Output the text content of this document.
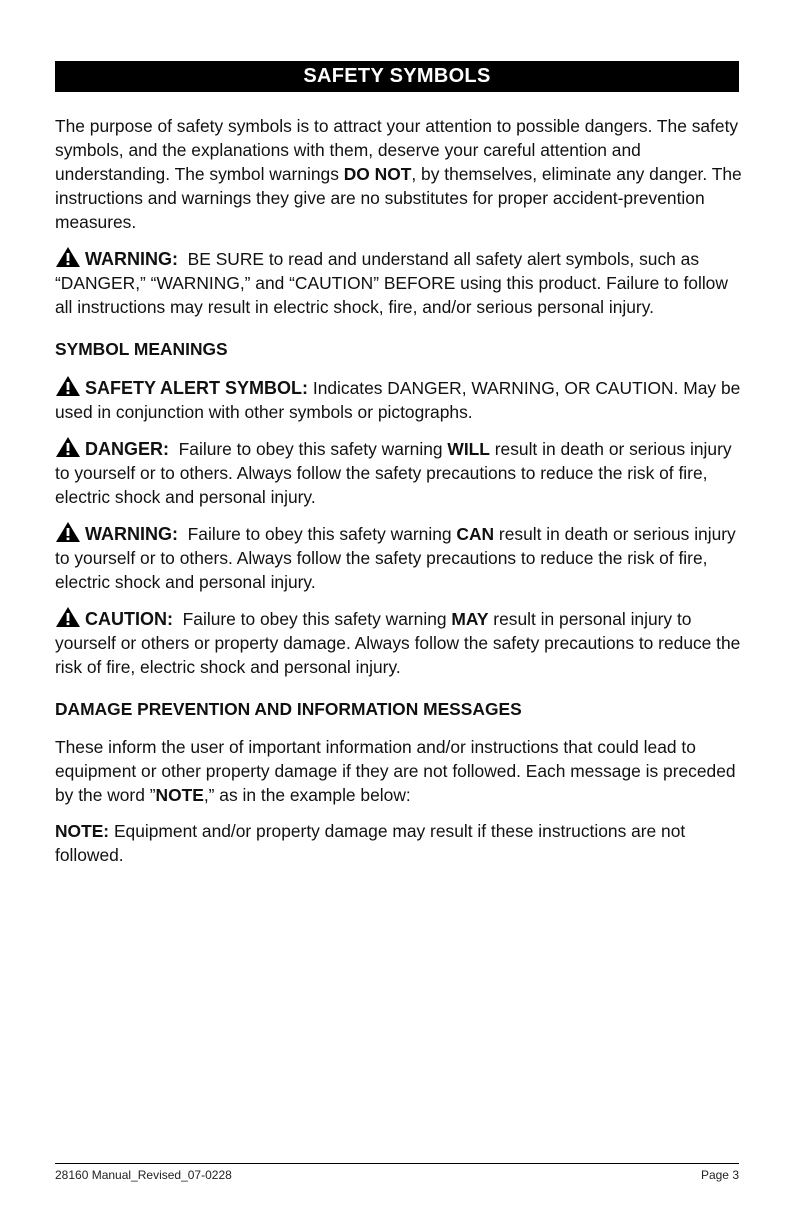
SAFETY SYMBOLS

The purpose of safety symbols is to attract your attention to possible dangers. The safety symbols, and the explanations with them, deserve your careful attention and understanding. The symbol warnings DO NOT, by themselves, eliminate any danger. The instructions and warnings they give are no substitutes for proper accident-prevention measures.

WARNING: BE SURE to read and understand all safety alert symbols, such as “DANGER,” “WARNING,” and “CAUTION” BEFORE using this product. Failure to follow all instructions may result in electric shock, fire, and/or serious personal injury.

SYMBOL MEANINGS

SAFETY ALERT SYMBOL: Indicates DANGER, WARNING, OR CAUTION. May be used in conjunction with other symbols or pictographs.

DANGER: Failure to obey this safety warning WILL result in death or serious injury to yourself or to others. Always follow the safety precautions to reduce the risk of fire, electric shock and personal injury.

WARNING: Failure to obey this safety warning CAN result in death or serious injury to yourself or to others. Always follow the safety precautions to reduce the risk of fire, electric shock and personal injury.

CAUTION: Failure to obey this safety warning MAY result in personal injury to yourself or others or property damage. Always follow the safety precautions to reduce the risk of fire, electric shock and personal injury.

DAMAGE PREVENTION AND INFORMATION MESSAGES

These inform the user of important information and/or instructions that could lead to equipment or other property damage if they are not followed. Each message is preceded by the word ”NOTE,” as in the example below:

NOTE: Equipment and/or property damage may result if these instructions are not followed.

28160 Manual_Revised_07-0228	Page 3
